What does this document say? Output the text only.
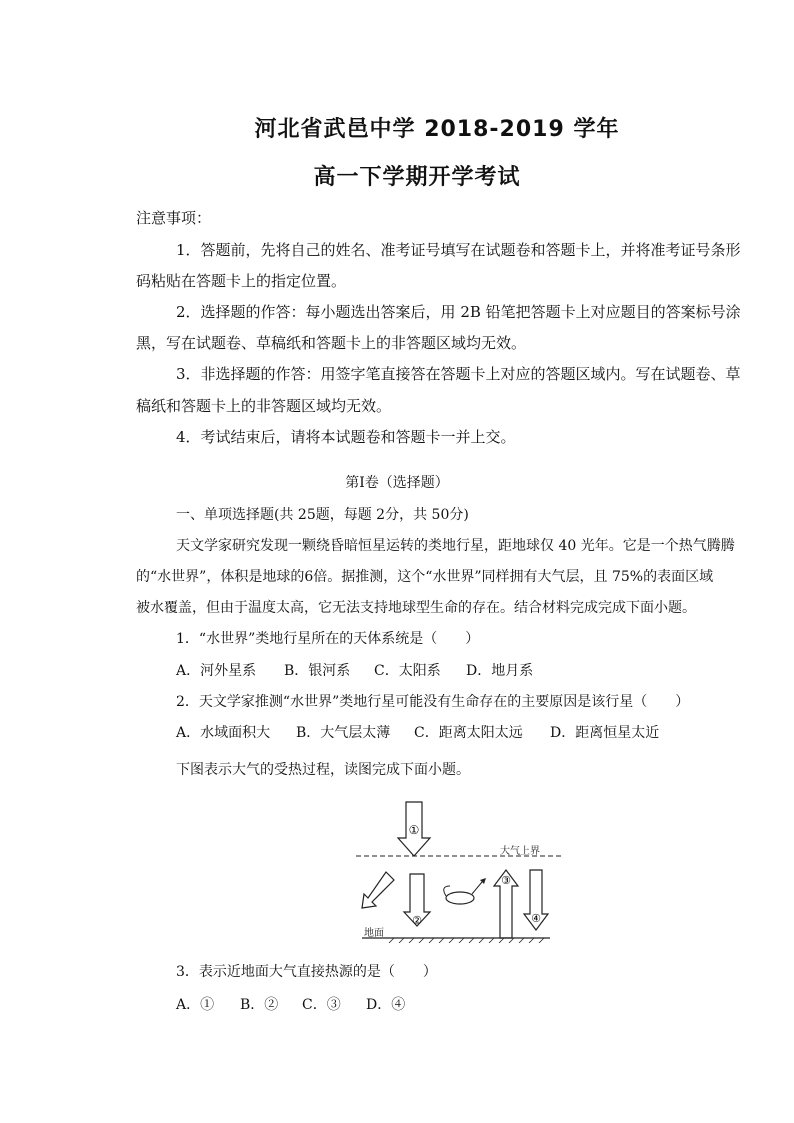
河北省武邑中学 2018-2019 学年
高一下学期开学考试
注意事项：
1．答题前，先将自己的姓名、准考证号填写在试题卷和答题卡上，并将准考证号条形
码粘贴在答题卡上的指定位置。
2．选择题的作答：每小题选出答案后，用 2B 铅笔把答题卡上对应题目的答案标号涂
黑，写在试题卷、草稿纸和答题卡上的非答题区域均无效。
3．非选择题的作答：用签字笔直接答在答题卡上对应的答题区域内。写在试题卷、草
稿纸和答题卡上的非答题区域均无效。
4．考试结束后，请将本试题卷和答题卡一并上交。
第Ⅰ卷（选择题）
一、单项选择题(共 25题，每题 2分，共 50分)
天文学家研究发现一颗绕昏暗恒星运转的类地行星，距地球仅 40 光年。它是一个热气腾腾
的“水世界”，体积是地球的6倍。据推测，这个“水世界”同样拥有大气层，且 75%的表面区域
被水覆盖，但由于温度太高，它无法支持地球型生命的存在。结合材料完成完成下面小题。
1．“水世界”类地行星所在的天体系统是（　　）
A．河外星系 B．银河系 C．太阳系 D．地月系
2．天文学家推测“水世界”类地行星可能没有生命存在的主要原因是该行星（　　）
A．水域面积大 B．大气层太薄 C．距离太阳太远 D．距离恒星太近
下图表示大气的受热过程，读图完成下面小题。
大气上界
①
②
③
④
地面
3．表示近地面大气直接热源的是（　　）
A．① B．② C．③ D．④
